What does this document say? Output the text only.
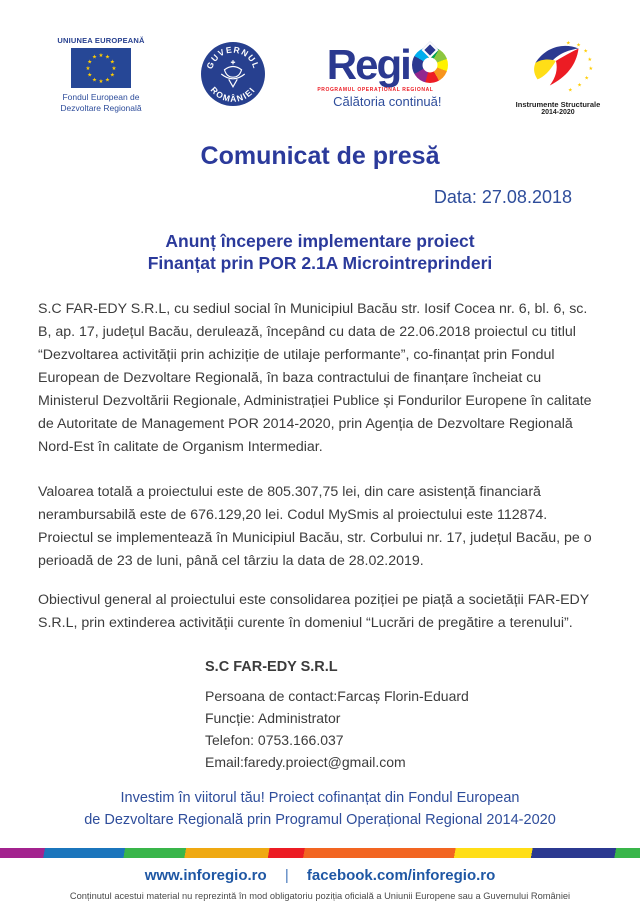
UNIUNEA EUROPEANĂ
★ ★
★
★
★
★
★
★
★
★
★
★
Fondul European de
Dezvoltare Regională
GUVERNUL
ROMÂNIEI
Regi
PROGRAMUL OPERAȚIONAL REGIONAL
Călătoria continuă!
★ ★
★
★
★
★
★
★
Instrumente Structurale
2014-2020
Comunicat de presă
Data: 27.08.2018
Anunț începere implementare proiect
Finanțat prin POR 2.1A Microintreprinderi

S.C FAR-EDY S.R.L, cu sediul social în Municipiul Bacău str. Iosif Cocea nr. 6, bl. 6, sc. B, ap. 17, județul Bacău, derulează, începând cu data de 22.06.2018 proiectul cu titlul “Dezvoltarea activității prin achiziție de utilaje performante”, co-finanțat prin Fondul European de Dezvoltare Regională, în baza contractului de finanțare încheiat cu Ministerul Dezvoltării Regionale, Administrației Publice și Fondurilor Europene în calitate de Autoritate de Management POR 2014-2020, prin Agenția de Dezvoltare Regională Nord-Est în calitate de Organism Intermediar.

Valoarea totală a proiectului este de 805.307,75 lei, din care asistență financiară nerambursabilă este de 676.129,20 lei. Codul MySmis al proiectului este 112874. Proiectul se implementează în Municipiul Bacău, str. Corbului nr. 17, județul Bacău, pe o perioadă de 23 de luni, până cel târziu la data de 28.02.2019.

Obiectivul general al proiectului este consolidarea poziției pe piață a societății FAR-EDY S.R.L, prin extinderea activității curente în domeniul “Lucrări de pregătire a terenului”.

S.C FAR-EDY S.R.L
Persoana de contact:Farcaș Florin-Eduard
Funcție: Administrator
Telefon: 0753.166.037
Email:faredy.proiect@gmail.com
Investim în viitorul tău! Proiect cofinanțat din Fondul European
de Dezvoltare Regională prin Programul Operațional Regional 2014-2020
www.inforegio.ro | facebook.com/inforegio.ro
Conținutul acestui material nu reprezintă în mod obligatoriu poziția oficială a Uniunii Europene sau a Guvernului României
